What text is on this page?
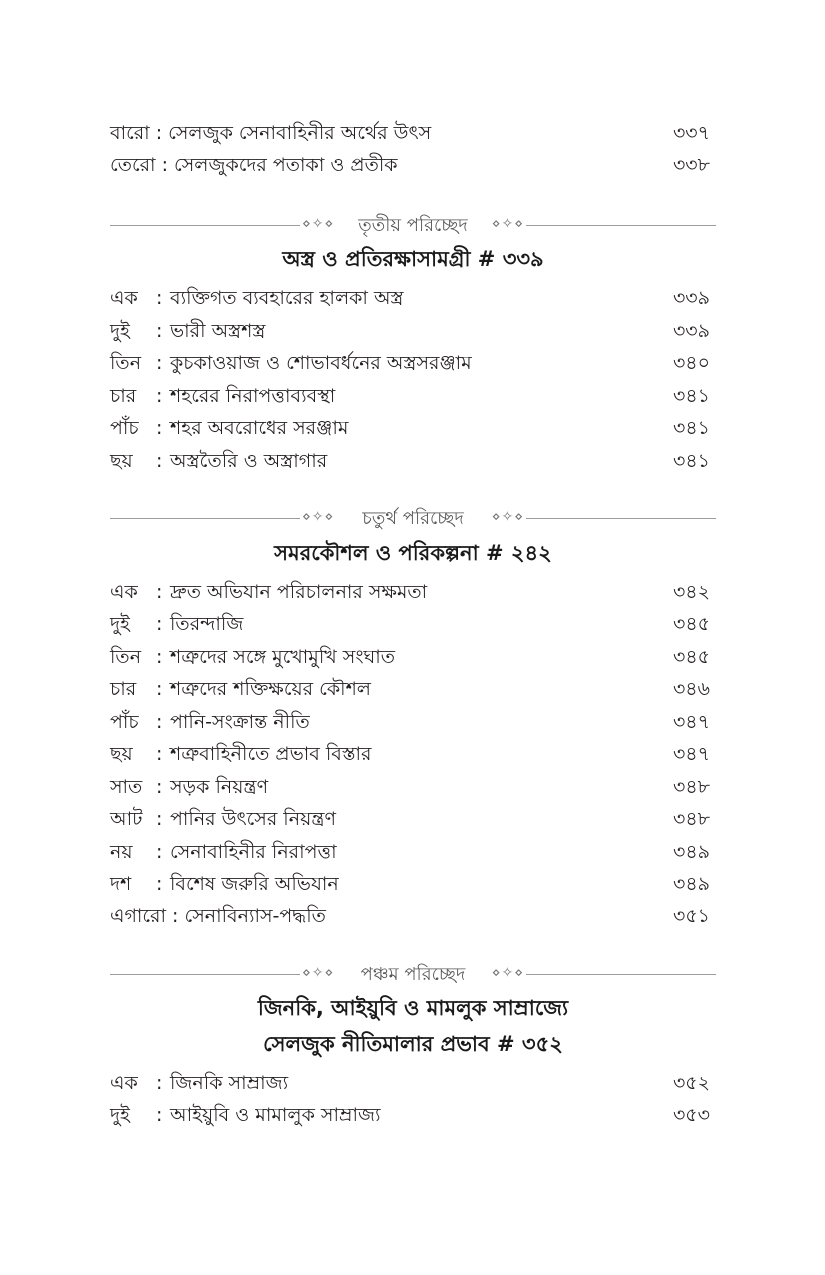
বারো : সেলজুক সেনাবাহিনীর অর্থের উৎস	৩৩৭
তেরো : সেলজুকদের পতাকা ও প্রতীক	৩৩৮
⋄✧⋄	তৃতীয় পরিচ্ছেদ	⋄✧⋄
অস্ত্র ও প্রতিরক্ষাসামগ্রী # ৩৩৯
এক : ব্যক্তিগত ব্যবহারের হালকা অস্ত্র	৩৩৯
দুই : ভারী অস্ত্রশস্ত্র	৩৩৯
তিন : কুচকাওয়াজ ও শোভাবর্ধনের অস্ত্রসরঞ্জাম	৩৪০
চার : শহরের নিরাপত্তাব্যবস্থা	৩৪১
পাঁচ : শহর অবরোধের সরঞ্জাম	৩৪১
ছয় : অস্ত্রতৈরি ও অস্ত্রাগার	৩৪১
⋄✧⋄	চতুর্থ পরিচ্ছেদ	⋄✧⋄
সমরকৌশল ও পরিকল্পনা # ২৪২
এক : দ্রুত অভিযান পরিচালনার সক্ষমতা	৩৪২
দুই : তিরন্দাজি	৩৪৫
তিন : শত্রুদের সঙ্গে মুখোমুখি সংঘাত	৩৪৫
চার : শত্রুদের শক্তিক্ষয়ের কৌশল	৩৪৬
পাঁচ : পানি-সংক্রান্ত নীতি	৩৪৭
ছয় : শত্রুবাহিনীতে প্রভাব বিস্তার	৩৪৭
সাত : সড়ক নিয়ন্ত্রণ	৩৪৮
আট : পানির উৎসের নিয়ন্ত্রণ	৩৪৮
নয় : সেনাবাহিনীর নিরাপত্তা	৩৪৯
দশ : বিশেষ জরুরি অভিযান	৩৪৯
এগারো : সেনাবিন্যাস-পদ্ধতি	৩৫১
⋄✧⋄	পঞ্চম পরিচ্ছেদ	⋄✧⋄
জিনকি, আইয়ুবি ও মামলুক সাম্রাজ্যে
সেলজুক নীতিমালার প্রভাব # ৩৫২
এক : জিনকি সাম্রাজ্য	৩৫২
দুই : আইয়ুবি ও মামালুক সাম্রাজ্য	৩৫৩
